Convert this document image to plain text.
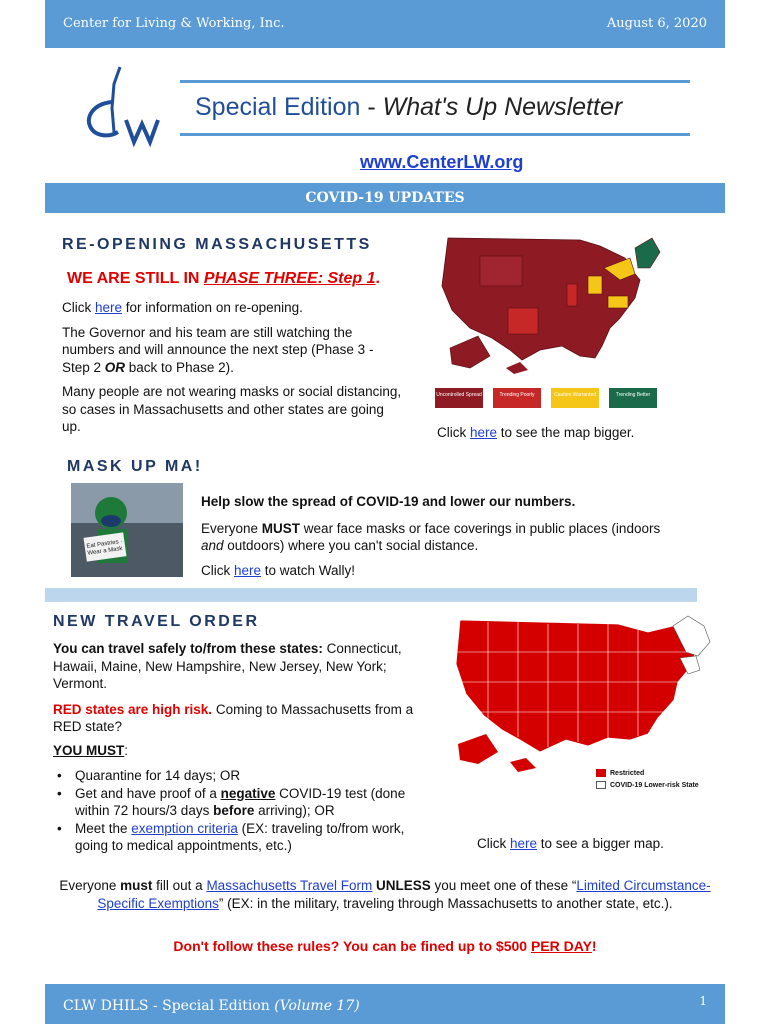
Center for Living & Working, Inc.	August 6, 2020
Special Edition - What's Up Newsletter
www.CenterLW.org
COVID-19 UPDATES
RE-OPENING MASSACHUSETTS
WE ARE STILL IN PHASE THREE: Step 1.

Click here for information on re-opening.

The Governor and his team are still watching the numbers and will announce the next step (Phase 3 - Step 2 OR back to Phase 2).

Many people are not wearing masks or social distancing, so cases in Massachusetts and other states are going up.

Uncontrolled Spread	Trending Poorly	Caution Warranted	Trending Better
Click here to see the map bigger.
MASK UP MA!
Eat Pastries · Wear a Mask

Help slow the spread of COVID-19 and lower our numbers.

Everyone MUST wear face masks or face coverings in public places (indoors and outdoors) where you can't social distance.

Click here to watch Wally!

NEW TRAVEL ORDER

You can travel safely to/from these states: Connecticut, Hawaii, Maine, New Hampshire, New Jersey, New York; Vermont.

RED states are high risk. Coming to Massachusetts from a RED state?

YOU MUST:

• Quarantine for 14 days; OR
• Get and have proof of a negative COVID-19 test (done within 72 hours/3 days before arriving); OR
• Meet the exemption criteria (EX: traveling to/from work, going to medical appointments, etc.)
Restricted
COVID-19 Lower-risk State
Click here to see a bigger map.
Everyone must fill out a Massachusetts Travel Form UNLESS you meet one of these “Limited Circumstance-Specific Exemptions” (EX: in the military, traveling through Massachusetts to another state, etc.).
Don't follow these rules? You can be fined up to $500 PER DAY!
CLW DHILS - Special Edition (Volume 17)	1
